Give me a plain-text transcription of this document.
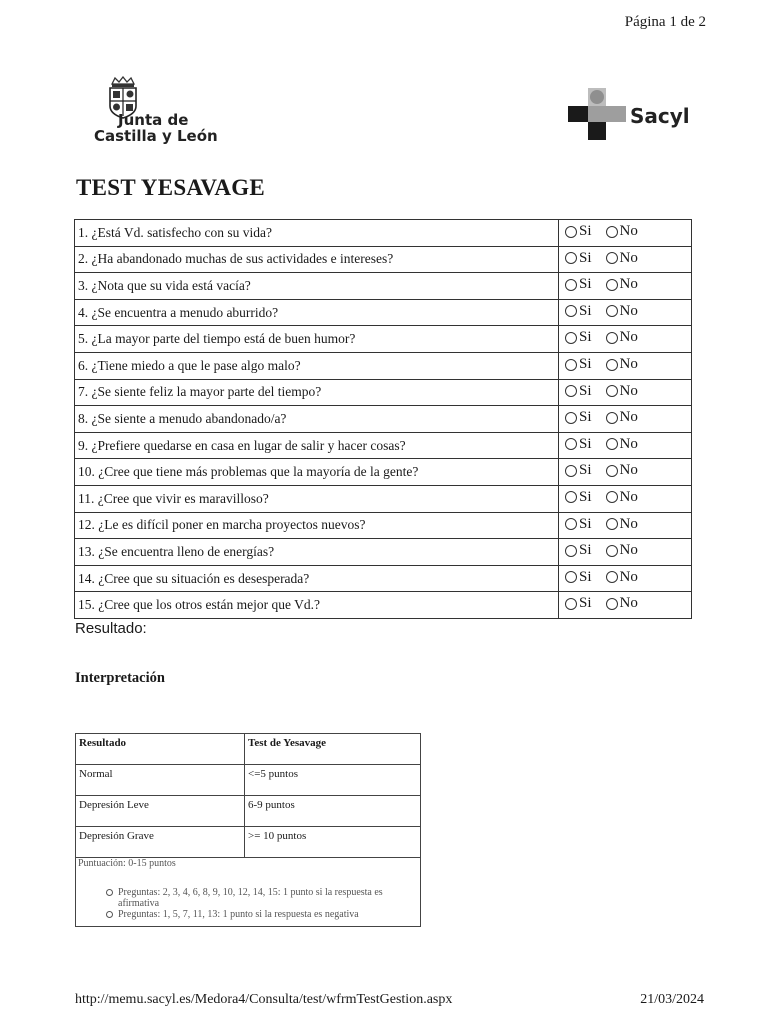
Página 1 de 2
Junta de
Castilla y León
Sacyl
TEST YESAVAGE
1. ¿Está Vd. satisfecho con su vida?	Si No

2. ¿Ha abandonado muchas de sus actividades e intereses?	Si No

3. ¿Nota que su vida está vacía?	Si No

4. ¿Se encuentra a menudo aburrido?	Si No

5. ¿La mayor parte del tiempo está de buen humor?	Si No

6. ¿Tiene miedo a que le pase algo malo?	Si No

7. ¿Se siente feliz la mayor parte del tiempo?	Si No

8. ¿Se siente a menudo abandonado/a?	Si No

9. ¿Prefiere quedarse en casa en lugar de salir y hacer cosas?	Si No

10. ¿Cree que tiene más problemas que la mayoría de la gente?	Si No

11. ¿Cree que vivir es maravilloso?	Si No

12. ¿Le es difícil poner en marcha proyectos nuevos?	Si No

13. ¿Se encuentra lleno de energías?	Si No

14. ¿Cree que su situación es desesperada?	Si No

15. ¿Cree que los otros están mejor que Vd.?	Si No
Resultado:
Interpretación
Resultado	Test de Yesavage
Normal	<=5 puntos
Depresión Leve	6-9 puntos
Depresión Grave	>= 10 puntos

Puntuación: 0-15 puntos
Preguntas: 2, 3, 4, 6, 8, 9, 10, 12, 14, 15: 1 punto si la respuesta es afirmativa
Preguntas: 1, 5, 7, 11, 13: 1 punto si la respuesta es negativa
http://memu.sacyl.es/Medora4/Consulta/test/wfrmTestGestion.aspx	21/03/2024
